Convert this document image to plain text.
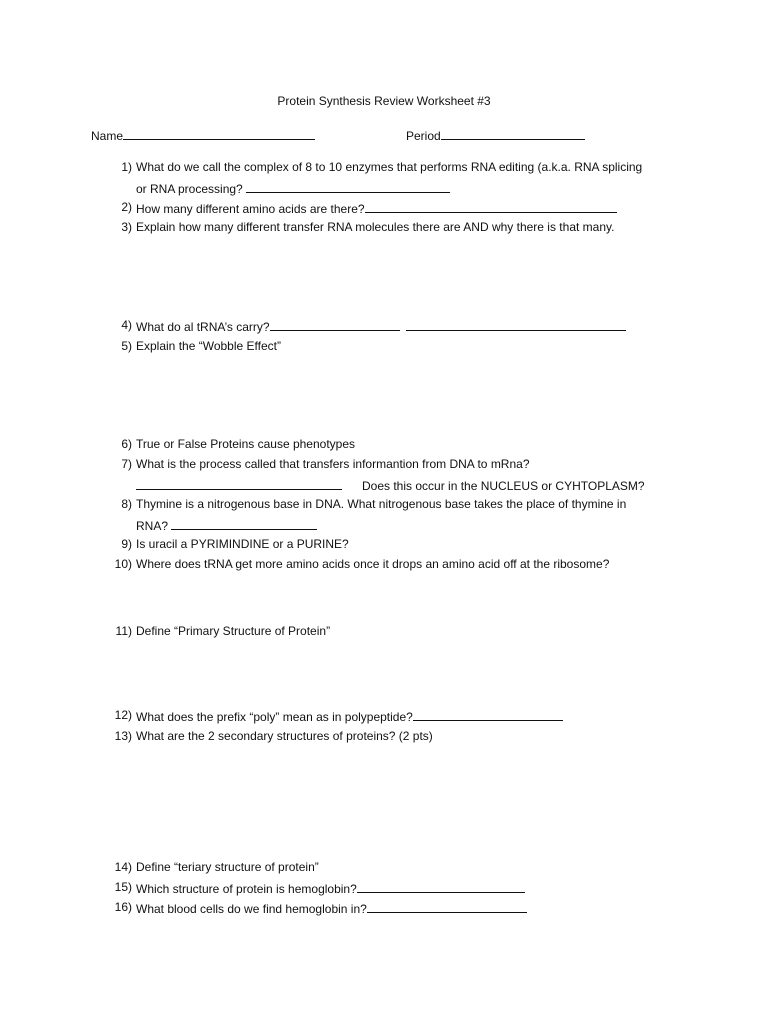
Protein Synthesis Review Worksheet #3
Name	Period
1) What do we call the complex of 8 to 10 enzymes that performs RNA editing (a.k.a. RNA splicing
or RNA processing?
2) How many different amino acids are there?
3) Explain how many different transfer RNA molecules there are AND why there is that many.
4) What do al tRNA’s carry?
5) Explain the “Wobble Effect”
6) True or False Proteins cause phenotypes
7) What is the process called that transfers informantion from DNA to mRna?
Does this occur in the NUCLEUS or CYHTOPLASM?
8) Thymine is a nitrogenous base in DNA. What nitrogenous base takes the place of thymine in
RNA?
9) Is uracil a PYRIMINDINE or a PURINE?
10) Where does tRNA get more amino acids once it drops an amino acid off at the ribosome?
11) Define “Primary Structure of Protein”
12) What does the prefix “poly” mean as in polypeptide?
13) What are the 2 secondary structures of proteins? (2 pts)
14) Define “teriary structure of protein”
15) Which structure of protein is hemoglobin?
16) What blood cells do we find hemoglobin in?
